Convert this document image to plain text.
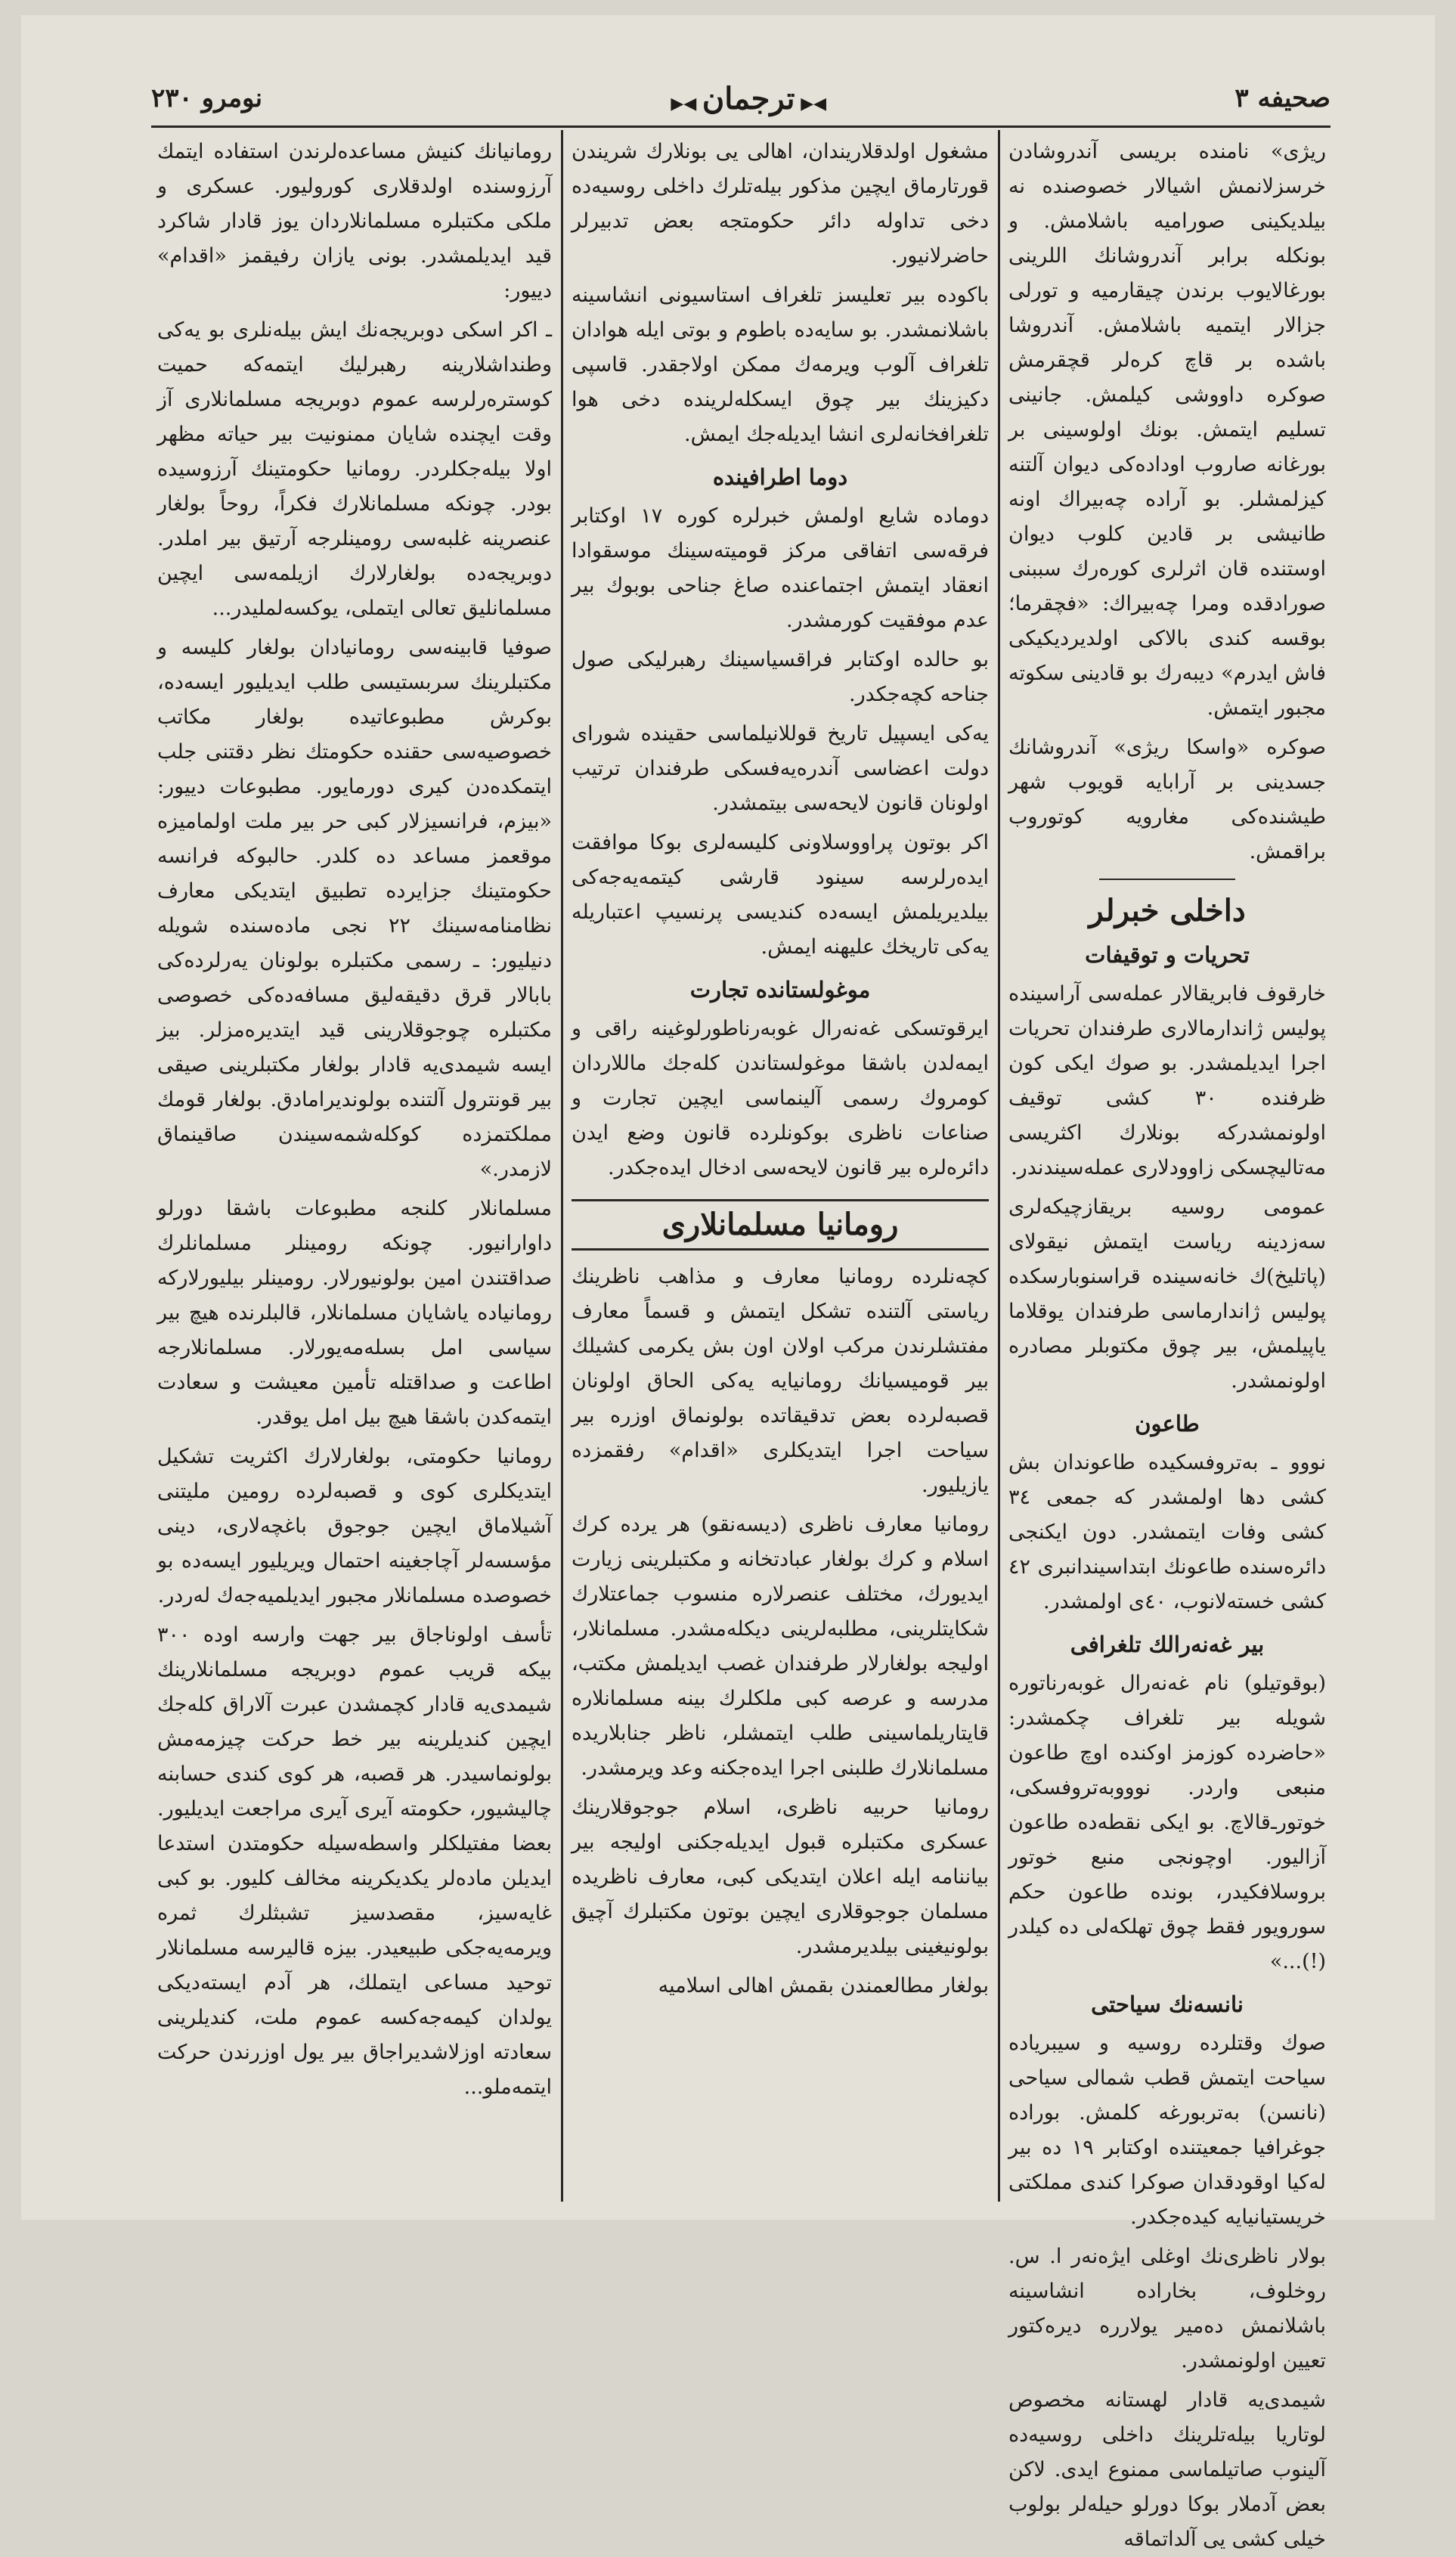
صحیفه ٣
◀▶ ترجمان ◀▶
نومرو ٢٣٠

ریژی» نامنده بریسی آندروشادن خرسزلانمش اشیالار خصوصنده نه بیلدیکینی صورامیه باشلامش. و بونکله برابر آندروشانك اللرینی بورغالایوب برندن چیقارمیه و تورلی جزالار ایتمیه باشلامش. آندروشا باشده بر قاچ کره‌لر قچقرمش صوکره داووشی کیلمش. جانینی تسلیم ایتمش. بونك اولوسینی بر بورغانه صاروب اوداده‌کی دیوان آلتنه کیزلمشلر. بو آراده چه‌بیراك اونه طانیشی بر قادین کلوب دیوان اوستنده قان اثرلری کوره‌رك سببنی صورادقده و‌مرا چه‌بیراك: «فچقرما؛ بوقسه کندی بالاکی اولدیرديکیکی فاش ایدرم» دیبه‌رك بو قادینی سکوته مجبور ایتمش.

صوکره «واسکا ریژی» آندروشانك جسدینی بر آرابایه قویوب شهر طیشنده‌کی مغارویه کوتوروب براقمش.

داخلی خبرلر
تحریات و توقیفات

خارقوف فابریقالار عمله‌سی آراسینده پولیس ژاندارمالاری طرفندان تحریات اجرا ایدیلمشدر. بو صوك ایکی کون ظرفنده ٣٠ کشی توقیف اولونمشدر‌که بونلارك اکثریسی مه‌تالیچسکی زاوودلاری عمله‌سیندندر.

عمومی روسیه بریقازچیکه‌لری سه‌زدینه ریاست ایتمش نیقولای (پاتلیخ)‌ك خانه‌سینده قراسنوبارسکده پولیس ژاندارماسی طرفندان یوقلاما یاپیلمش، بیر چوق مکتوبلر مصادره اولونمشدر.

طاعون

نووو ـ به‌تروفسکیده طاعوندان بش کشی دها اولمشدر که جمعی ٣٤ کشی وفات ایتمشدر. دون ایکنجی دائره‌سنده طاعونك ابتداسیندانبری ٤٢ کشی خسته‌لانوب، ٤٠‌ی اولمشدر.

بیر غه‌نه‌رالك تلغرافی

(بوقوتیلو) نام غه‌نه‌رال غوبه‌رناتوره شویله بیر تلغراف چکمشدر: «حاضرده کوزمز اوکنده اوچ طاعون منبعی واردر. نووو‌به‌تروفسکی، خوتور‌ـ‌قالاچ. بو ایکی نقطه‌ده طاعون آزالیور. اوچونجی منبع خوتور بروسلافکیدر، بونده طاعون حکم سورویور فقط چوق تهلکه‌لی ده کیلدر (!)...»

نانسه‌نك سیاحتی

صوك وقتلرده روسیه و سیبریاده سیاحت ایتمش قطب شمالی سیاحی (نانسن) به‌تربورغه کلمش. بوراده جوغرافیا جمعیتنده اوکتابر ١٩ ده بیر له‌کیا اوقودقدان صوکرا کندی مملکتی خریستیانیایه کیده‌جکدر.

بولار ناظری‌نك اوغلی ایژه‌نه‌ر ا. س. روخلوف، بخاراده انشاسینه باشلانمش ده‌میر یولارره دیره‌کتور تعیین اولونمشدر.

شیمدی‌یه قادار لهستانه مخصوص لوتاریا بیله‌تلرینك داخلی روسیه‌ده آلینوب صاتیلماسی ممنوع ایدی. لاکن بعض آدملار بوکا دورلو حیله‌لر بولوب خیلی کشی‌ یی آلداتماقه

مشغول اولدقلاریندان، اهالی‌ یی بونلارك شریندن قورتارماق ایچین مذکور بیله‌تلرك داخلی روسیه‌ده دخی تداوله دائر حکومتجه بعض تدبیرلر حاضرلانیور.

باکوده بیر تعلیسز تلغراف استاسیونی انشاسینه باشلانمشدر. بو سایه‌ده باطوم و بوتی ایله هوادان تلغراف آلوب ویرمه‌ك ممکن اولاجقدر. قاسپی دکیزینك بیر چوق ایسکله‌لرینده دخی هوا تلغرافخانه‌لری انشا ایدیله‌جك ایمش.

دوما اطرافینده

دوماده شایع اولمش خبرلره کوره ١٧ اوکتابر فرقه‌سی اتفاقی مرکز قومیته‌سینك موسقوادا انعقاد ایتمش اجتماعنده صاغ جناحی بوبوك بیر عدم موفقیت کورمشدر.

بو حالده اوکتابر فراقسیاسینك رهبرلیکی صول جناحه کچه‌جکدر.

یه‌کی ایسپیل تاریخ قوللانیلماسی حقینده شورای دولت اعضاسی آندره‌یه‌فسکی طرفندان ترتیب اولونان قانون لایحه‌سی بیتمشدر.

اکر بوتون پراووسلاونی کلیسه‌لری بوکا موافقت ایده‌رلرسه سینود قارشی کیتمه‌یه‌جه‌کی بیلدیریلمش ایسه‌ده کندیسی پرنسیپ اعتباریله یه‌کی تاریخك علیهنه ایمش.

موغولستانده تجارت

ایرقوتسکی غه‌نه‌رال غوبه‌رناطورلوغینه راقی و ایمه‌لدن باشقا موغولستاندن کله‌جك ماللاردان کومروك رسمی آلینماسی ایچین تجارت و صناعات ناظری بوکونلرده قانون وضع ایدن دائره‌لره بیر قانون لایحه‌سی ادخال ایده‌جکدر.

رومانیا مسلمانلاری

کچه‌نلرده رومانیا معارف و مذاهب ناظرینك ریاستی آلتنده تشکل ایتمش و قسماً معارف مفتشلرندن مرکب اولان اون بش یکرمی کشیلك بیر قومیسیانك رومانیایه یه‌کی الحاق اولونان قصبه‌لرده بعض تدقیقاتده بولونماق اوزره بیر سیاحت اجرا ایتدیکلری «اقدام» رفقمزده یازیلیور.

رومانیا معارف ناظری (دیسه‌نقو) هر یرده کرك اسلام و کرك بولغار عبادتخانه و مکتبلرینی زیارت ایدیورك، مختلف عنصرلاره منسوب جماعتلارك شکایتلرینی، مطلبه‌لرینی دیکله‌مشدر. مسلمانلار، اولیجه بولغارلار طرفندان غصب ایدیلمش مکتب، مدرسه و عرصه کبی ملکلرك بینه مسلمانلاره قایتاریلماسینی طلب ایتمشلر، ناظر جنابلاریده مسلمانلارك طلبنی اجرا ایده‌جکنه وعد ویرمشدر.

رومانیا حربیه ناظری، اسلام جوجوقلارینك عسکری مکتبلره قبول ایدیله‌جکنی اولیجه بیر بیاننامه ایله اعلان ایتدیکی کبی، معارف ناظریده مسلمان جوجوقلاری ایچین بوتون مکتبلرك آچیق بولونیغینی بیلدیرمشدر.

بولغار مطالعمندن بقمش اهالی اسلامیه

رومانیانك کنیش مساعده‌لرندن استفاده ایتمك آرزوسنده اولدقلاری کورولیور. عسکری و ملکی مکتبلره مسلمانلاردان یوز قادار شاکرد قید ایدیلمشدر. بونی یازان رفیقمز «اقدام» دییور:

ـ اکر اسکی دوبریجه‌نك ایش بیله‌نلری بو یه‌کی وطنداشلارینه رهبرلیك ایتمه‌که حمیت کوستره‌رلرسه عموم دوبریجه مسلمانلاری آز وقت ایچنده شایان ممنونیت بیر حیاته مظهر اولا بیله‌جکلردر. رومانیا حکومتینك آرزوسیده بودر. چونکه مسلمانلارك فکراً، روحاً بولغار عنصرینه غلبه‌سی رومینلرجه آرتیق بیر املدر. دوبریجه‌ده بولغارلارك ازیلمه‌سی ایچین مسلمانلیق تعالی ایتملی، یوکسه‌لملیدر...

صوفیا قابینه‌سی رومانیادان بولغار کلیسه و مکتبلرینك سربستیسی طلب ایدیلیور ایسه‌ده، بوکرش مطبوعاتیده بولغار مکاتب خصوصیه‌سی حقنده حکومتك نظر دقتنی جلب ایتمکده‌دن کیری دورمایور. مطبوعات دییور: «بیزم، فرانسیزلار کبی حر بیر ملت اولمامیزه موقعمز مساعد ده کلدر. حالبوکه فرانسه حکومتینك جزایرده تطبیق ایتدیکی معارف نظامنامه‌سینك ٢٢ نجی ماده‌سنده شویله دنیلیور: ـ رسمی مکتبلره بولونان یه‌رلرده‌کی بابالار قرق دقیقه‌لیق مسافه‌ده‌کی خصوصی مکتبلره چوجوقلارینی قید ایتدیره‌مزلر. بیز ایسه شیمدی‌یه قادار بولغار مکتبلرینی صیقی بیر قونترول آلتنده بولوندیرامادق. بولغار قومك مملکتمزده کوکله‌شمه‌سیندن صاقینماق لازمدر.»

مسلمانلار کلنجه مطبوعات باشقا دورلو داوارانیور. چونکه رومینلر مسلمانلرك صداقتندن امین بولونیورلار. رومینلر بیلیورلارکه رومانیاده یاشایان مسلمانلار، قالبلرنده هیچ بیر سیاسی امل بسله‌مه‌یورلار. مسلمانلارجه اطاعت و صداقتله تأمین معیشت و سعادت ایتمه‌کدن باشقا هیچ بیل امل یوقدر.

رومانیا حکومتی، بولغارلارك اکثریت تشکیل ایتدیکلری کوی و قصبه‌لرده رومین ملیتنی آشیلاماق ایچین جوجوق باغچه‌لاری، دینی مؤسسه‌لر آچاجغینه احتمال ویریلیور ایسه‌ده بو خصوصده مسلمانلار مجبور ایدیلمیه‌جه‌ك له‌ردر.

تأسف اولوناجاق بیر جهت وارسه اوده ٣٠٠ بیکه قریب عموم دوبریجه مسلمانلارینك شیمدی‌یه قادار کچمشدن عبرت آلاراق کله‌جك ایچین کندیلرینه بیر خط حرکت چیزمه‌مش بولونماسیدر. هر قصبه، هر کوی کندی حسابنه چالیشیور، حکومته آیری آیری مراجعت ایدیلیور. بعضا مفتیلکلر واسطه‌سیله حکومتدن استدعا ایدیلن ماده‌لر یکدیکرینه مخالف کلیور. بو کبی غایه‌سیز، مقصدسیز تشبثلرك ثمره ویرمه‌یه‌جکی طبیعیدر. بیزه قالیرسه مسلمانلار توحید مساعی ایتملك، هر آدم ایسته‌دیکی یولدان کیمه‌جه‌کسه عموم ملت، کندیلرینی سعادته اوزلاشدیراجاق بیر یول اوزرندن حرکت ایتمه‌ملو...
